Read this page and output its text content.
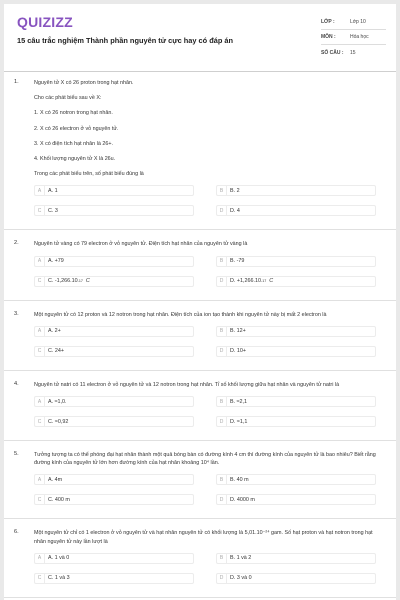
QUIZIZZ
15 câu trắc nghiệm Thành phần nguyên tử cực hay có đáp án
LỚP :	Lớp 10
MÔN :	Hóa học
SỐ CÂU :	15
1.	Nguyên tử X có 26 proton trong hạt nhân.
Cho các phát biểu sau về X:
1. X có 26 notron trong hạt nhân.
2. X có 26 electron ở vỏ nguyên tử.
3. X có điện tích hạt nhân là 26+.
4. Khối lượng nguyên tử X là 26u.
Trong các phát biểu trên, số phát biểu đúng là
A	A. 1	B	B. 2
C	C. 3	D	D. 4
2.	Nguyên tử vàng có 79 electron ở vỏ nguyên tử. Điện tích hạt nhân của nguyên tử vàng là
A	A. +79	B	B. -79
C	C. -1,266.10 -17 C	D	D. +1,266.10 -17 C
3.	Một nguyên tử có 12 proton và 12 notron trong hạt nhân. Điện tích của ion tạo thành khi nguyên tử này bị mất 2 electron là
A	A. 2+	B	B. 12+
C	C. 24+	D	D. 10+
4.	Nguyên tử natri có 11 electron ở vỏ nguyên tử và 12 notron trong hạt nhân. Tỉ số khối lượng giữa hạt nhân và nguyên tử natri là
A	A. ≈1,0.	B	B. ≈2,1
C	C. ≈0,92	D	D. ≈1,1
5.	Tưởng tượng ta có thể phóng đại hạt nhân thành một quả bóng bàn có đường kính 4 cm thì đường kính của nguyên tử là bao nhiêu? Biết rằng đường kính của nguyên tử lớn hơn đường kính của hạt nhân khoảng 10⁴ lần.
A	A. 4m	B	B. 40 m
C	C. 400 m	D	D. 4000 m
6.	Một nguyên tử chỉ có 1 electron ở vỏ nguyên tử và hạt nhân nguyên tử có khối lượng là 5,01.10⁻²⁴ gam. Số hạt proton và hạt notron trong hạt nhân nguyên tử này lần lượt là
A	A. 1 và 0	B	B. 1 và 2
C	C. 1 và 3	D	D. 3 và 0
